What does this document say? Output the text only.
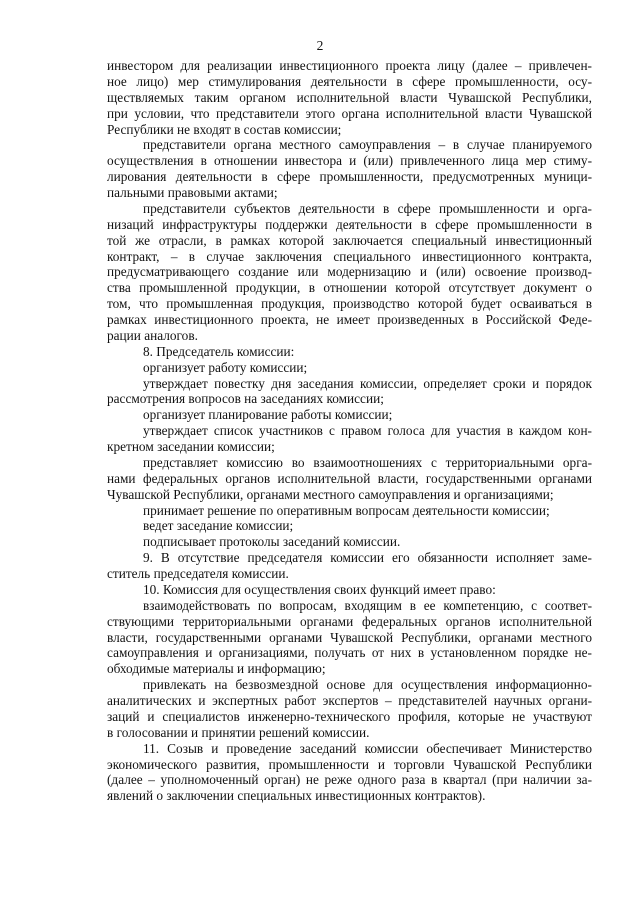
2
инвестором для реализации инвестиционного проекта лицу (далее – привлечен-
ное лицо) мер стимулирования деятельности в сфере промышленности, осу-
ществляемых таким органом исполнительной власти Чувашской Республики,
при условии, что представители этого органа исполнительной власти Чувашской
Республики не входят в состав комиссии;
представители органа местного самоуправления – в случае планируемого
осуществления в отношении инвестора и (или) привлеченного лица мер стиму-
лирования деятельности в сфере промышленности, предусмотренных муници-
пальными правовыми актами;
представители субъектов деятельности в сфере промышленности и орга-
низаций инфраструктуры поддержки деятельности в сфере промышленности в
той же отрасли, в рамках которой заключается специальный инвестиционный
контракт, – в случае заключения специального инвестиционного контракта,
предусматривающего создание или модернизацию и (или) освоение производ-
ства промышленной продукции, в отношении которой отсутствует документ о
том, что промышленная продукция, производство которой будет осваиваться в
рамках инвестиционного проекта, не имеет произведенных в Российской Феде-
рации аналогов.
8. Председатель комиссии:
организует работу комиссии;
утверждает повестку дня заседания комиссии, определяет сроки и порядок
рассмотрения вопросов на заседаниях комиссии;
организует планирование работы комиссии;
утверждает список участников с правом голоса для участия в каждом кон-
кретном заседании комиссии;
представляет комиссию во взаимоотношениях с территориальными орга-
нами федеральных органов исполнительной власти, государственными органами
Чувашской Республики, органами местного самоуправления и организациями;
принимает решение по оперативным вопросам деятельности комиссии;
ведет заседание комиссии;
подписывает протоколы заседаний комиссии.
9. В отсутствие председателя комиссии его обязанности исполняет заме-
ститель председателя комиссии.
10. Комиссия для осуществления своих функций имеет право:
взаимодействовать по вопросам, входящим в ее компетенцию, с соответ-
ствующими территориальными органами федеральных органов исполнительной
власти, государственными органами Чувашской Республики, органами местного
самоуправления и организациями, получать от них в установленном порядке не-
обходимые материалы и информацию;
привлекать на безвозмездной основе для осуществления информационно-
аналитических и экспертных работ экспертов – представителей научных органи-
заций и специалистов инженерно-технического профиля, которые не участвуют
в голосовании и принятии решений комиссии.
11. Созыв и проведение заседаний комиссии обеспечивает Министерство
экономического развития, промышленности и торговли Чувашской Республики
(далее – уполномоченный орган) не реже одного раза в квартал (при наличии за-
явлений о заключении специальных инвестиционных контрактов).
